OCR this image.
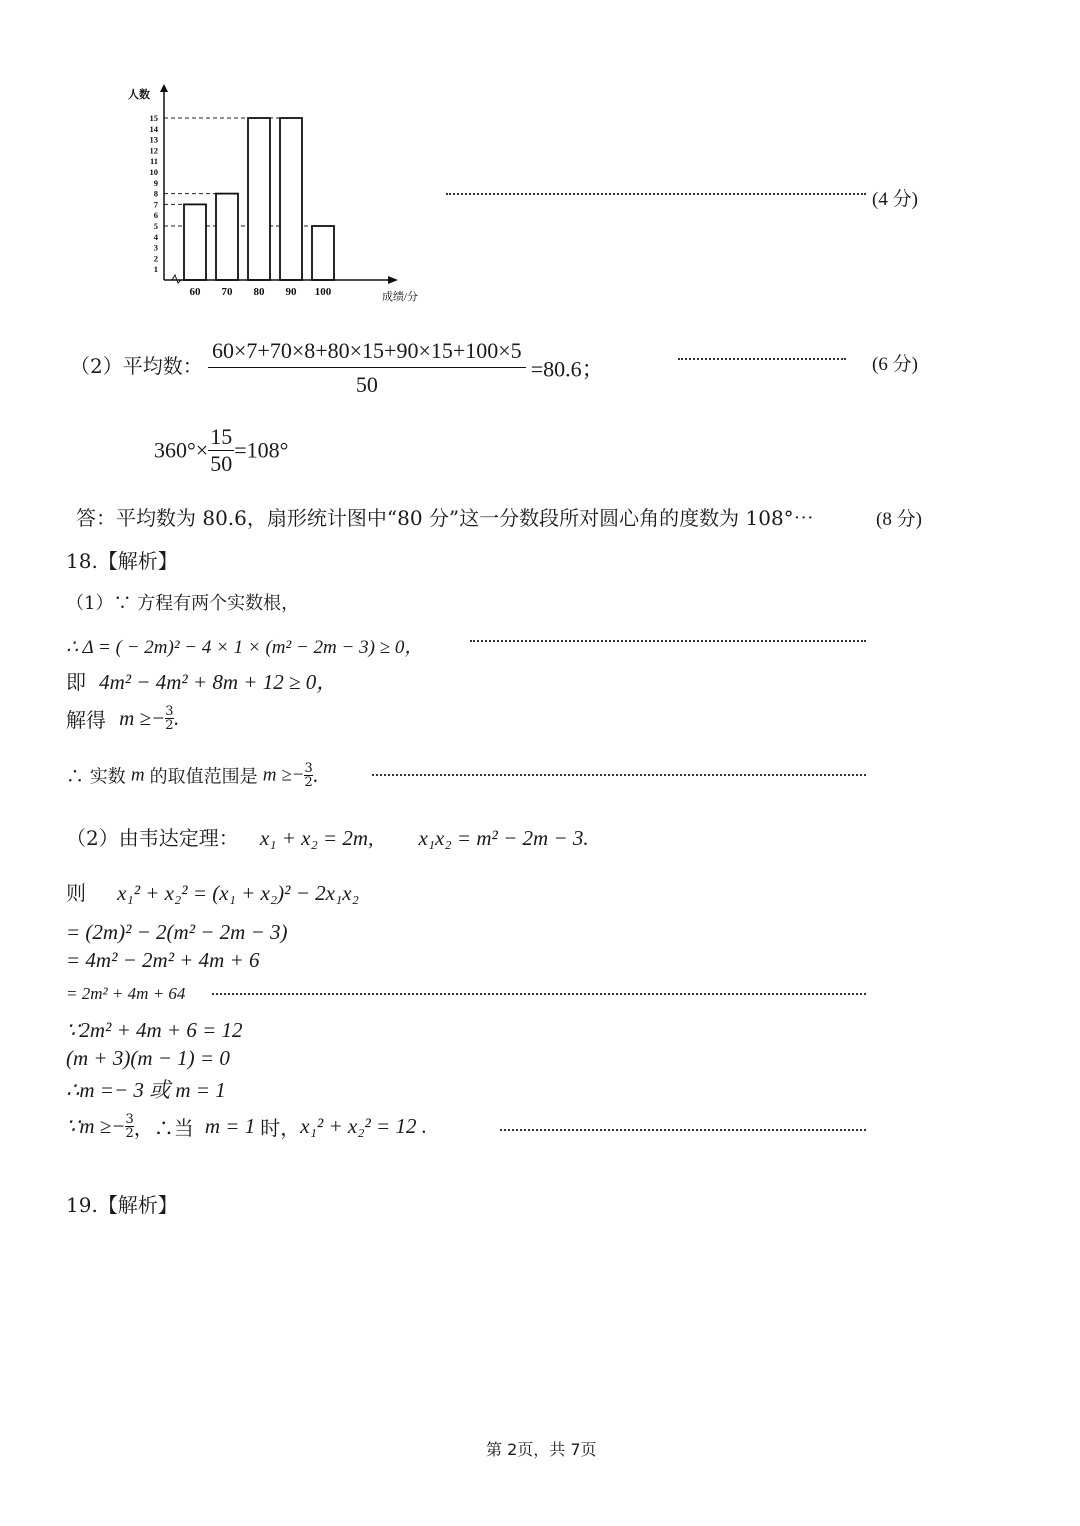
60 70 80 90 100
1
2
3
4
5
6
7
8
9
10
11
12
13
14
15
人数
成绩/分
(4 分)
（2）平均数： $\frac{60\times 7+70\times 8+80\times 15+90\times 15+100\times 5}{50} =80.6$；	(6 分)
$360^\circ\times \frac{15}{50} =108^\circ$
答：平均数为 80.6，扇形统计图中“80 分”这一分数段所对圆心角的度数为 108°⋯	(8 分)
18.【解析】
（1）∵ 方程有两个实数根，
∴ Δ = ( − 2m)² − 4 × 1 × (m² − 2m − 3) ≥ 0，
即 4m² − 4m² + 8m + 12 ≥ 0，
解得 $m \ge- \frac{3}{2}$.
∴ 实数 m 的取值范围是 $m \ge- \frac{3}{2}$.
（2）由韦达定理： x₁ + x₂ = 2m, x₁x₂ = m² − 2m − 3.
则 x₁² + x₂² = (x₁ + x₂)² − 2x₁x₂
= (2m)² − 2(m² − 2m − 3)
= 4m² − 2m² + 4m + 6
= 2m² + 4m + 64
∵2m² + 4m + 6 = 12
(m + 3)(m − 1) = 0
∴m =− 3 或 m = 1
∵m ≥− $\frac{3}{2}$，∴当 m = 1 时，x₁² + x₂² = 12 .
19.【解析】
第 2页，共 7页
